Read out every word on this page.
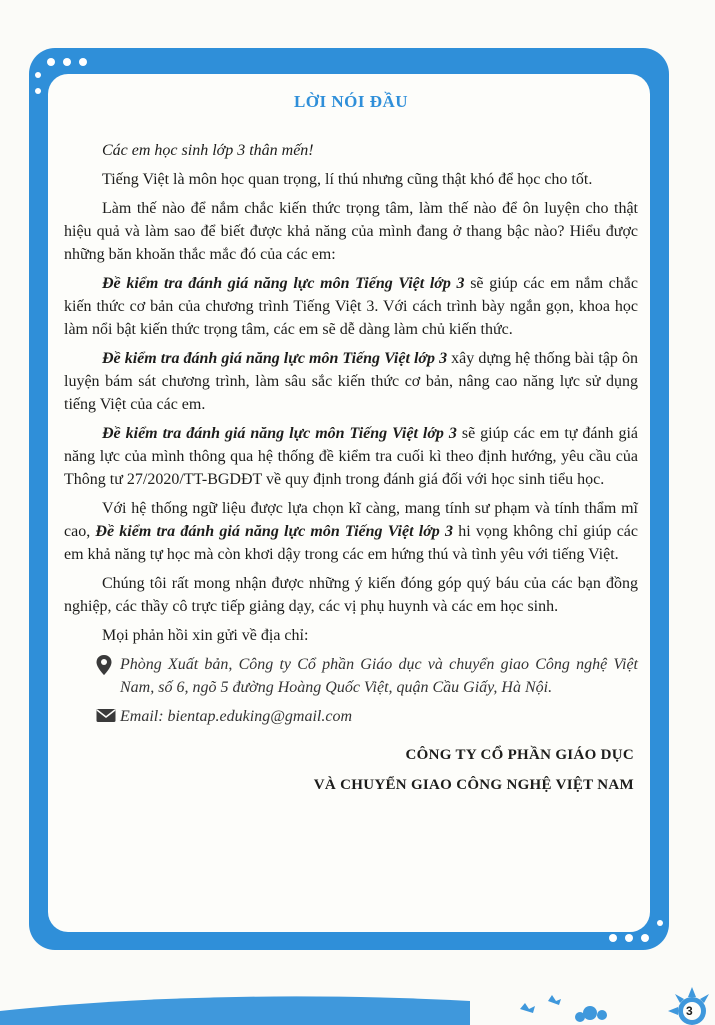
LỜI NÓI ĐẦU

Các em học sinh lớp 3 thân mến!

Tiếng Việt là môn học quan trọng, lí thú nhưng cũng thật khó để học cho tốt.

Làm thế nào để nắm chắc kiến thức trọng tâm, làm thế nào để ôn luyện cho thật hiệu quả và làm sao để biết được khả năng của mình đang ở thang bậc nào? Hiểu được những băn khoăn thắc mắc đó của các em:

Đề kiểm tra đánh giá năng lực môn Tiếng Việt lớp 3 sẽ giúp các em nắm chắc kiến thức cơ bản của chương trình Tiếng Việt 3. Với cách trình bày ngắn gọn, khoa học làm nổi bật kiến thức trọng tâm, các em sẽ dễ dàng làm chủ kiến thức.

Đề kiểm tra đánh giá năng lực môn Tiếng Việt lớp 3 xây dựng hệ thống bài tập ôn luyện bám sát chương trình, làm sâu sắc kiến thức cơ bản, nâng cao năng lực sử dụng tiếng Việt của các em.

Đề kiểm tra đánh giá năng lực môn Tiếng Việt lớp 3 sẽ giúp các em tự đánh giá năng lực của mình thông qua hệ thống đề kiểm tra cuối kì theo định hướng, yêu cầu của Thông tư 27/2020/TT-BGDĐT về quy định trong đánh giá đối với học sinh tiểu học.

Với hệ thống ngữ liệu được lựa chọn kĩ càng, mang tính sư phạm và tính thẩm mĩ cao, Đề kiểm tra đánh giá năng lực môn Tiếng Việt lớp 3 hi vọng không chỉ giúp các em khả năng tự học mà còn khơi dậy trong các em hứng thú và tình yêu với tiếng Việt.

Chúng tôi rất mong nhận được những ý kiến đóng góp quý báu của các bạn đồng nghiệp, các thầy cô trực tiếp giảng dạy, các vị phụ huynh và các em học sinh.

Mọi phản hồi xin gửi về địa chỉ:

Phòng Xuất bản, Công ty Cổ phần Giáo dục và chuyển giao Công nghệ Việt Nam, số 6, ngõ 5 đường Hoàng Quốc Việt, quận Cầu Giấy, Hà Nội.
Email: bientap.eduking@gmail.com
CÔNG TY CỔ PHẦN GIÁO DỤC
VÀ CHUYỂN GIAO CÔNG NGHỆ VIỆT NAM
3
